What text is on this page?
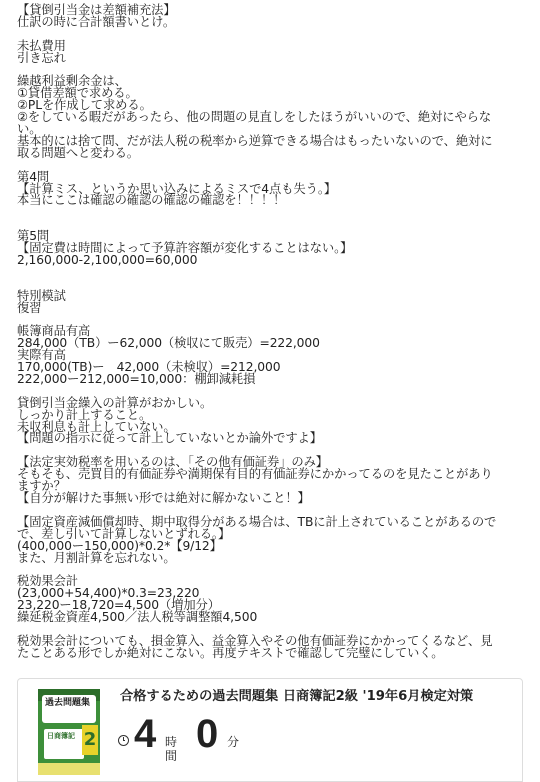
【貸倒引当金は差額補充法】
仕訳の時に合計額書いとけ。
未払費用
引き忘れ
繰越利益剰余金は、
①貸借差額で求める。
②PLを作成して求める。
②をしている暇だがあったら、他の問題の見直しをしたほうがいいので、絶対にやらな
い。
基本的には捨て問、だが法人税の税率から逆算できる場合はもったいないので、絶対に
取る問題へと変わる。
第4問
【計算ミス、というか思い込みによるミスで4点も失う。】
本当にここは確認の確認の確認の確認を！！！！
第5問
【固定費は時間によって予算許容額が変化することはない。】
2,160,000-2,100,000=60,000
特別模試
復習
帳簿商品有高
284,000（TB）ー62,000（検収にて販売）=222,000
実際有高
170,000(TB)ー　42,000（未検収）=212,000
222,000ー212,000=10,000：棚卸減耗損
貸倒引当金繰入の計算がおかしい。
しっかり計上すること。
未収利息も計上していない。
【問題の指示に従って計上していないとか論外ですよ】
【法定実効税率を用いるのは、「その他有価証券」のみ】
そもそも、売買目的有価証券や満期保有目的有価証券にかかってるのを見たことがあり
ますか？
【自分が解けた事無い形では絶対に解かないこと！】
【固定資産減価償却時、期中取得分がある場合は、TBに計上されていることがあるので
で、差し引いて計算しないとずれる。】
(400,000ー150,000)*0.2*【9/12】
また、月割計算を忘れない。
税効果会計
(23,000+54,400)*0.3=23,220
23,220ー18,720=4,500（増加分）
繰延税金資産4,500／法人税等調整額4,500
税効果会計についても、損金算入、益金算入やその他有価証券にかかってくるなど、見
たことある形でしか絶対にこない。再度テキストで確認して完璧にしていく。
過去問題集
日商簿記 2
合格するための過去問題集 日商簿記2級 '19年6月検定対策
4 時間 0 分
